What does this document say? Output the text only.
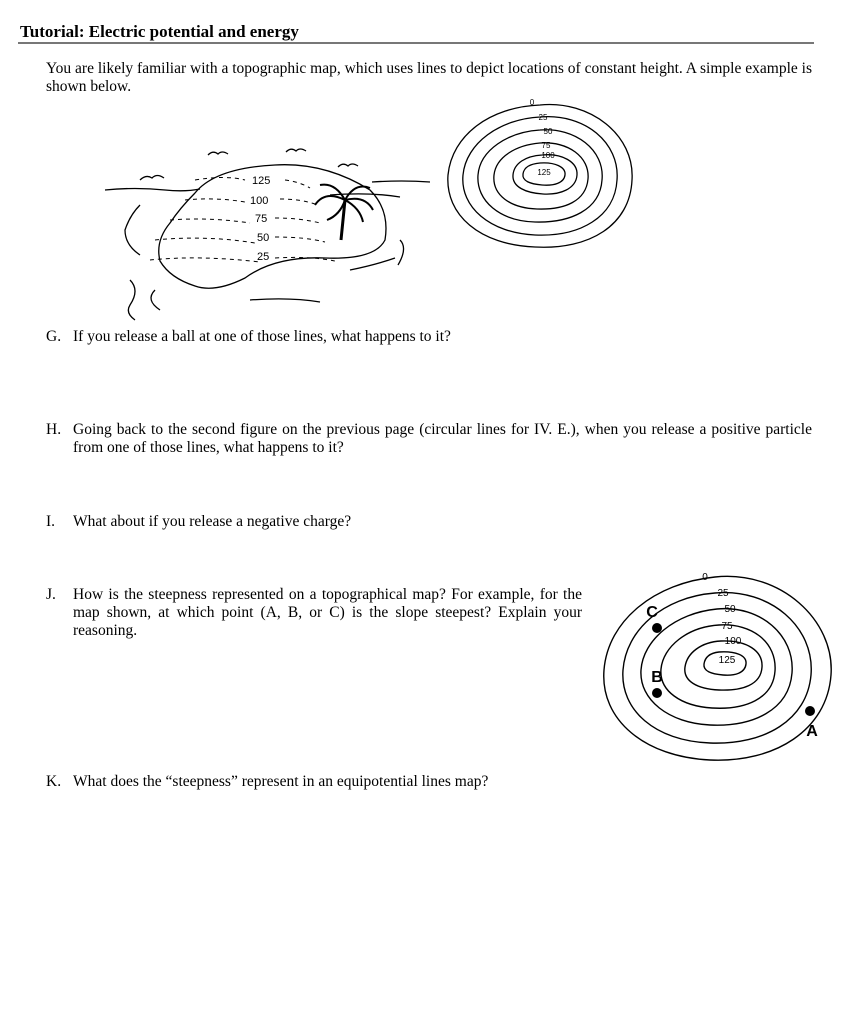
Tutorial: Electric potential and energy
You are likely familiar with a topographic map, which uses lines to depict locations of constant height. A simple example is shown below.
125
100
75
50
25
0
25
50
75
100
125
G. If you release a ball at one of those lines, what happens to it?
H. Going back to the second figure on the previous page (circular lines for IV. E.), when you release a positive particle from one of those lines, what happens to it?
I. What about if you release a negative charge?
J. How is the steepness represented on a topographical map? For example, for the map shown, at which point (A, B, or C) is the slope steepest? Explain your reasoning.
K. What does the “steepness” represent in an equipotential lines map?
0
25
50
75
100
125
A
B
C
